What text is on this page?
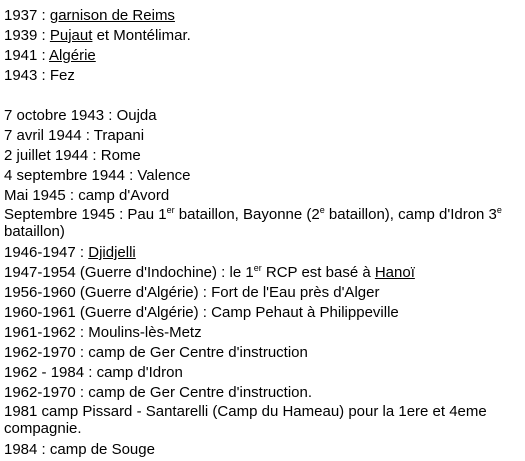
1937 : garnison de Reims
1939 : Pujaut et Montélimar.
1941 : Algérie
1943 : Fez
7 octobre 1943 : Oujda
7 avril 1944 : Trapani
2 juillet 1944 : Rome
4 septembre 1944 : Valence
Mai 1945 : camp d'Avord
Septembre 1945 : Pau 1er bataillon, Bayonne (2e bataillon), camp d'Idron 3e bataillon)
1946-1947 : Djidjelli
1947-1954 (Guerre d'Indochine) : le 1er RCP est basé à Hanoï
1956-1960 (Guerre d'Algérie) : Fort de l'Eau près d'Alger
1960-1961 (Guerre d'Algérie) : Camp Pehaut à Philippeville
1961-1962 : Moulins-lès-Metz
1962-1970 : camp de Ger Centre d'instruction
1962 - 1984 : camp d'Idron
1962-1970 : camp de Ger Centre d'instruction.
1981 camp Pissard - Santarelli (Camp du Hameau) pour la 1ere et 4eme compagnie.
1984 : camp de Souge
